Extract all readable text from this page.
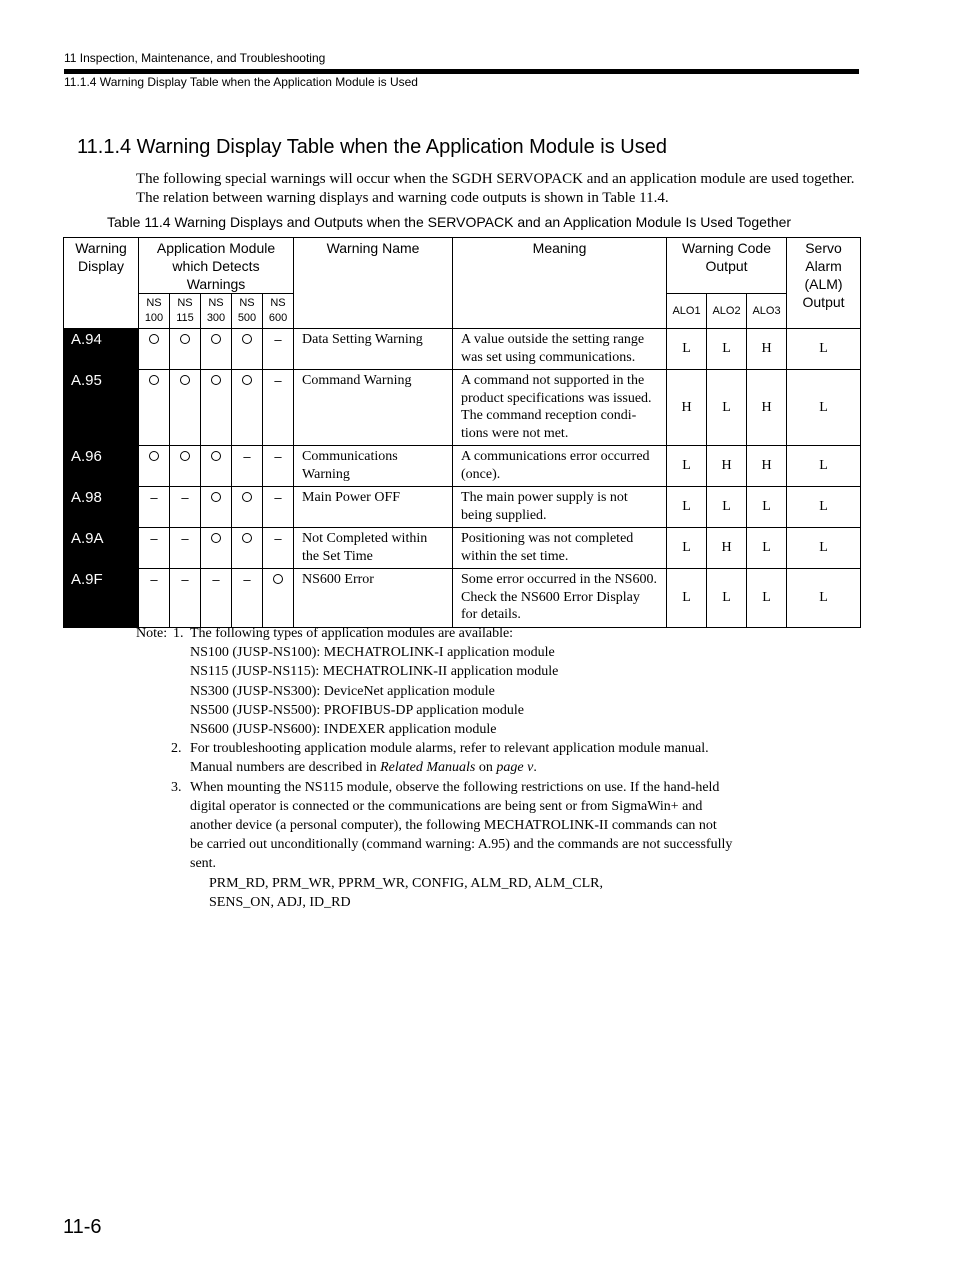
11 Inspection, Maintenance, and Troubleshooting
11.1.4 Warning Display Table when the Application Module is Used
11.1.4 Warning Display Table when the Application Module is Used
The following special warnings will occur when the SGDH SERVOPACK and an application module are used together. The relation between warning displays and warning code outputs is shown in Table 11.4.
Table 11.4 Warning Displays and Outputs when the SERVOPACK and an Application Module Is Used Together
Warning Display	Application Module which Detects Warnings					Warning Name	Meaning	Warning Code Output			Servo Alarm (ALM) Output
	NS 100	NS 115	NS 300	NS 500	NS 600			ALO1	ALO2	ALO3	
A.94					–	Data Setting Warning	A value outside the setting range was set using communications.	L	L	H	L
A.95					–	Command Warning	A command not supported in the product specifications was issued. The command reception condi-tions were not met.	H	L	H	L
A.96				–	–	Communications Warning	A communications error occurred (once).	L	H	H	L
A.98	–	–			–	Main Power OFF	The main power supply is not being supplied.	L	L	L	L
A.9A	–	–			–	Not Completed within the Set Time	Positioning was not completed within the set time.	L	H	L	L
A.9F	–	–	–	–		NS600 Error	Some error occurred in the NS600. Check the NS600 Error Display for details.	L	L	L	L
Note: 1. The following types of application modules are available:
NS100 (JUSP-NS100): MECHATROLINK-I application module
NS115 (JUSP-NS115): MECHATROLINK-II application module
NS300 (JUSP-NS300): DeviceNet application module
NS500 (JUSP-NS500): PROFIBUS-DP application module
NS600 (JUSP-NS600): INDEXER application module
2. For troubleshooting application module alarms, refer to relevant application module manual.
Manual numbers are described in Related Manuals on page v.
3. When mounting the NS115 module, observe the following restrictions on use. If the hand-held
digital operator is connected or the communications are being sent or from SigmaWin+ and
another device (a personal computer), the following MECHATROLINK-II commands can not
be carried out unconditionally (command warning: A.95) and the commands are not successfully
sent.
PRM_RD, PRM_WR, PPRM_WR, CONFIG, ALM_RD, ALM_CLR,
SENS_ON, ADJ, ID_RD
11-6
